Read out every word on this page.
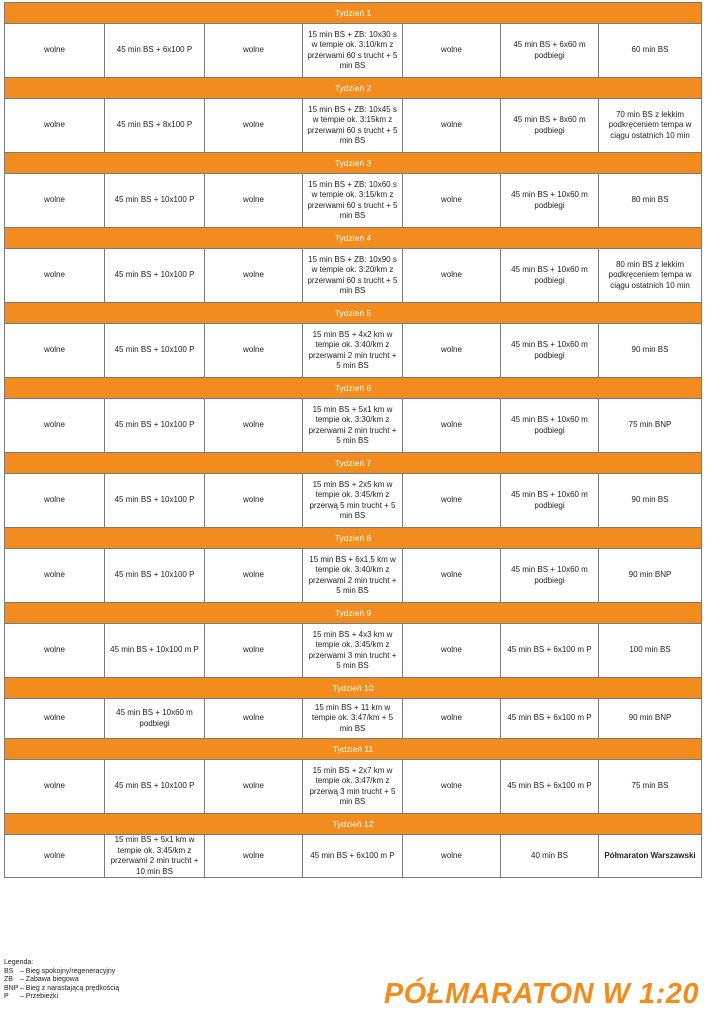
Tydzień 1						
wolne	45 min BS + 6x100 P	wolne	15 min BS + ZB: 10x30 s w tempie ok. 3:10/km z przerwami 60 s trucht + 5 min BS	wolne	45 min BS + 6x60 m podbiegi	60 min BS
Tydzień 2						
wolne	45 min BS + 8x100 P	wolne	15 min BS + ZB: 10x45 s w tempie ok. 3:15km z przerwami 60 s trucht + 5 min BS	wolne	45 min BS + 8x60 m podbiegi	70 min BS z lekkim podkręceniem tempa w ciągu ostatnich 10 min
Tydzień 3						
wolne	45 min BS + 10x100 P	wolne	15 min BS + ZB: 10x60 s w tempie ok. 3:15/km z przerwami 60 s trucht + 5 min BS	wolne	45 min BS + 10x60 m podbiegi	80 min BS
Tydzień 4						
wolne	45 min BS + 10x100 P	wolne	15 min BS + ZB: 10x90 s w tempie ok. 3:20/km z przerwami 60 s trucht + 5 min BS	wolne	45 min BS + 10x60 m podbiegi	80 min BS z lekkim podkręceniem tempa w ciągu ostatnich 10 min
Tydzień 5						
wolne	45 min BS + 10x100 P	wolne	15 min BS + 4x2 km w tempie ok. 3:40/km z przerwami 2 min trucht + 5 min BS	wolne	45 min BS + 10x60 m podbiegi	90 min BS
Tydzień 6						
wolne	45 min BS + 10x100 P	wolne	15 min BS + 5x1 km w tempie ok. 3:30/km z przerwami 2 min trucht + 5 min BS	wolne	45 min BS + 10x60 m podbiegi	75 min BNP
Tydzień 7						
wolne	45 min BS + 10x100 P	wolne	15 min BS + 2x5 km w tempie ok. 3:45/km z przerwą 5 min trucht + 5 min BS	wolne	45 min BS + 10x60 m podbiegi	90 min BS
Tydzień 8						
wolne	45 min BS + 10x100 P	wolne	15 min BS + 6x1,5 km w tempie ok. 3:40/km z przerwami 2 min trucht + 5 min BS	wolne	45 min BS + 10x60 m podbiegi	90 min BNP
Tydzień 9						
wolne	45 min BS + 10x100 m P	wolne	15 min BS + 4x3 km w tempie ok. 3:45/km z przerwami 3 min trucht + 5 min BS	wolne	45 min BS + 6x100 m P	100 min BS
Tydzień 10						
wolne	45 min BS + 10x60 m podbiegi	wolne	15 min BS + 11 km w tempie ok. 3:47/km + 5 min BS	wolne	45 min BS + 6x100 m P	90 min BNP
Tydzień 11						
wolne	45 min BS + 10x100 P	wolne	15 min BS + 2x7 km w tempie ok. 3:47/km z przerwą 3 min trucht + 5 min BS	wolne	45 min BS + 6x100 m P	75 min BS
Tydzień 12						
wolne	15 min BS + 5x1 km w tempie ok. 3:45/km z przerwami 2 min trucht + 10 min BS	wolne	45 min BS + 6x100 m P	wolne	40 min BS	Półmaraton Warszawski
Legenda:
BS – Bieg spokojny/regeneracyjny
ZB – Zabawa biegowa
BNP – Bieg z narastającą prędkością
P – Przebieżki	PÓŁMARATON W 1:20
